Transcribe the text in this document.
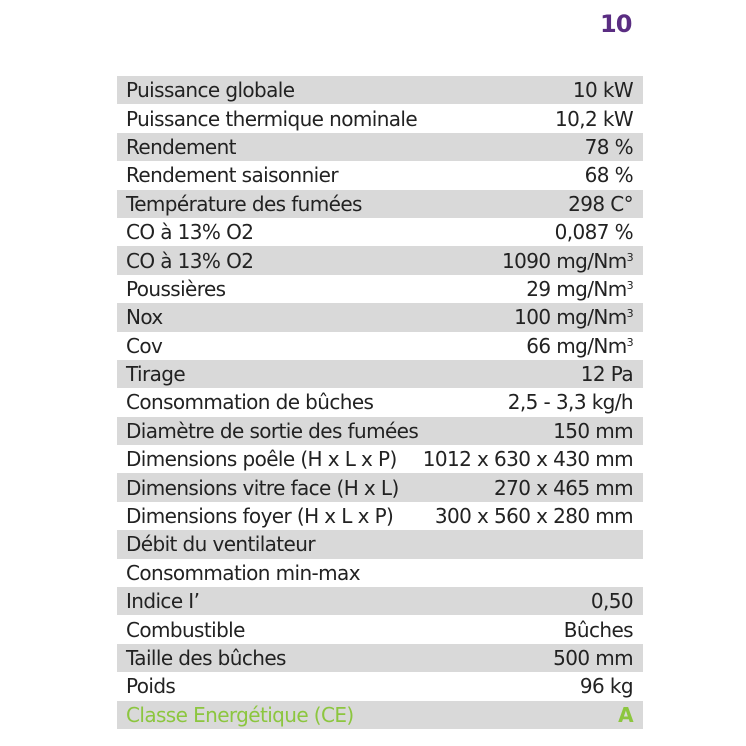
10
Puissance globale	10 kW
Puissance thermique nominale	10,2 kW
Rendement	78 %
Rendement saisonnier	68 %
Température des fumées	298 C°
CO à 13% O2	0,087 %
CO à 13% O2	1090 mg/Nm$^3$
Poussières	29 mg/Nm$^3$
Nox	100 mg/Nm$^3$
Cov	66 mg/Nm$^3$
Tirage	12 Pa
Consommation de bûches	2,5 - 3,3 kg/h
Diamètre de sortie des fumées	150 mm
Dimensions poêle (H x L x P) 1012 x 630 x 430 mm
Dimensions vitre face (H x L)	270 x 465 mm
Dimensions foyer (H x L x P) 300 x 560 x 280 mm
Débit du ventilateur
Consommation min-max
Indice I’	0,50
Combustible	Bûches
Taille des bûches	500 mm
Poids	96 kg
Classe Energétique (CE)	A
